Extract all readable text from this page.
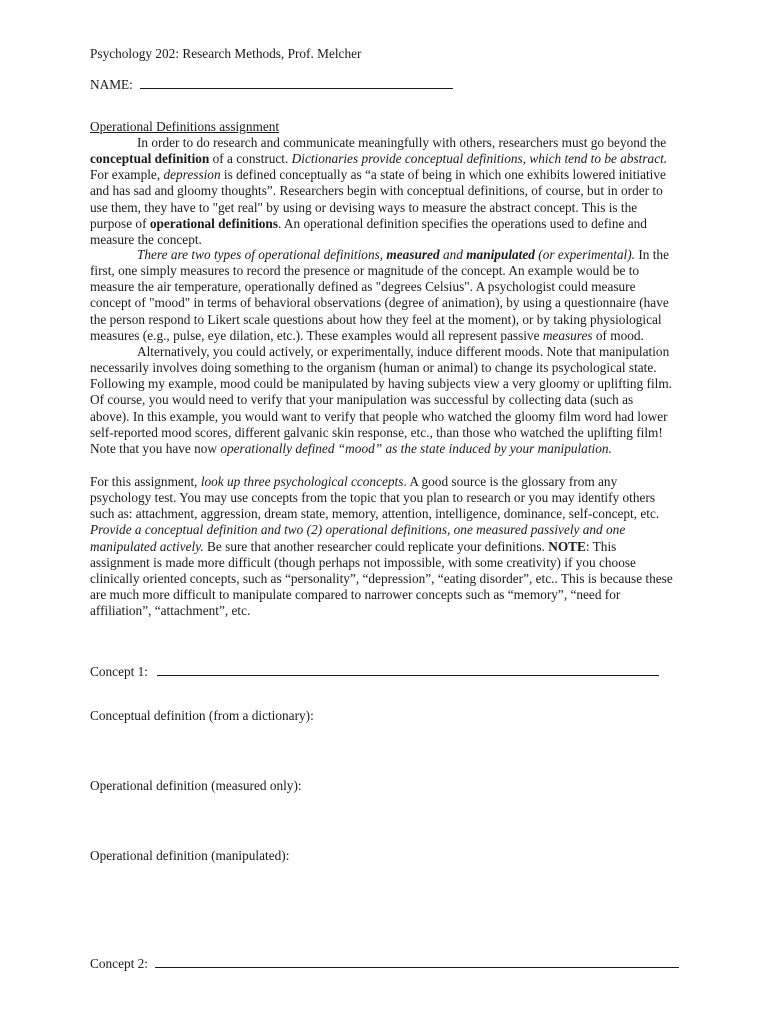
Psychology 202: Research Methods, Prof. Melcher
NAME:
Operational Definitions assignment
In order to do research and communicate meaningfully with others, researchers must go beyond the
conceptual definition of a construct. Dictionaries provide conceptual definitions, which tend to be abstract.
For example, depression is defined conceptually as “a state of being in which one exhibits lowered initiative
and has sad and gloomy thoughts”. Researchers begin with conceptual definitions, of course, but in order to
use them, they have to "get real" by using or devising ways to measure the abstract concept. This is the
purpose of operational definitions. An operational definition specifies the operations used to define and
measure the concept.
There are two types of operational definitions, measured and manipulated (or experimental). In the
first, one simply measures to record the presence or magnitude of the concept. An example would be to
measure the air temperature, operationally defined as "degrees Celsius". A psychologist could measure
concept of "mood" in terms of behavioral observations (degree of animation), by using a questionnaire (have
the person respond to Likert scale questions about how they feel at the moment), or by taking physiological
measures (e.g., pulse, eye dilation, etc.). These examples would all represent passive measures of mood.
Alternatively, you could actively, or experimentally, induce different moods. Note that manipulation
necessarily involves doing something to the organism (human or animal) to change its psychological state.
Following my example, mood could be manipulated by having subjects view a very gloomy or uplifting film.
Of course, you would need to verify that your manipulation was successful by collecting data (such as
above). In this example, you would want to verify that people who watched the gloomy film word had lower
self-reported mood scores, different galvanic skin response, etc., than those who watched the uplifting film!
Note that you have now operationally defined “mood” as the state induced by your manipulation.
For this assignment, look up three psychological cconcepts. A good source is the glossary from any
psychology test. You may use concepts from the topic that you plan to research or you may identify others
such as: attachment, aggression, dream state, memory, attention, intelligence, dominance, self-concept, etc.
Provide a conceptual definition and two (2) operational definitions, one measured passively and one
manipulated actively. Be sure that another researcher could replicate your definitions. NOTE: This
assignment is made more difficult (though perhaps not impossible, with some creativity) if you choose
clinically oriented concepts, such as “personality”, “depression”, “eating disorder”, etc.. This is because these
are much more difficult to manipulate compared to narrower concepts such as “memory”, “need for
affiliation”, “attachment”, etc.
Concept 1:
Conceptual definition (from a dictionary):
Operational definition (measured only):
Operational definition (manipulated):
Concept 2:
